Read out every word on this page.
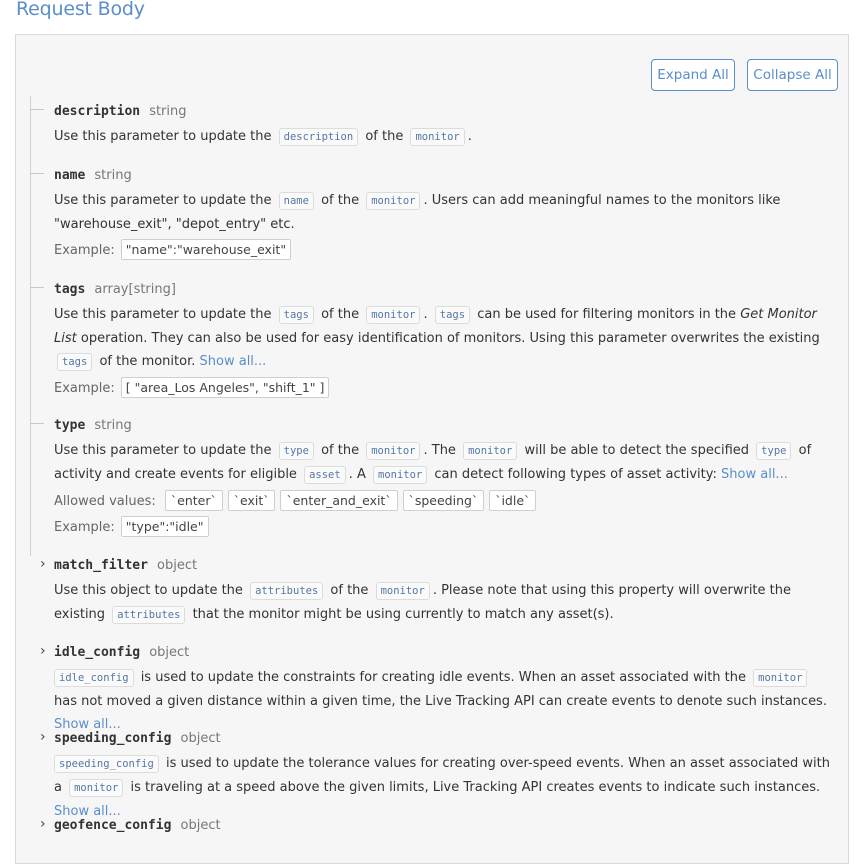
Request Body
Expand All	Collapse All
description string
Use this parameter to update the description of the monitor .
name string
Use this parameter to update the name of the monitor . Users can add meaningful names to the monitors like "warehouse_exit", "depot_entry" etc.
Example: "name":"warehouse_exit"
tags array[string]
Use this parameter to update the tags of the monitor . tags can be used for filtering monitors in the Get Monitor List operation. They can also be used for easy identification of monitors. Using this parameter overwrites the existing tags of the monitor. Show all...
Example: [ "area_Los Angeles", "shift_1" ]
type string
Use this parameter to update the type of the monitor . The monitor will be able to detect the specified type of activity and create events for eligible asset . A monitor can detect following types of asset activity: Show all...
Allowed values: `enter` `exit` `enter_and_exit` `speeding` `idle`
Example: "type":"idle"
› match_filter object
Use this object to update the attributes of the monitor . Please note that using this property will overwrite the existing attributes that the monitor might be using currently to match any asset(s).
› idle_config object
idle_config is used to update the constraints for creating idle events. When an asset associated with the monitor has not moved a given distance within a given time, the Live Tracking API can create events to denote such instances. Show all...
› speeding_config object
speeding_config is used to update the tolerance values for creating over-speed events. When an asset associated with a monitor is traveling at a speed above the given limits, Live Tracking API creates events to indicate such instances. Show all...
› geofence_config object
